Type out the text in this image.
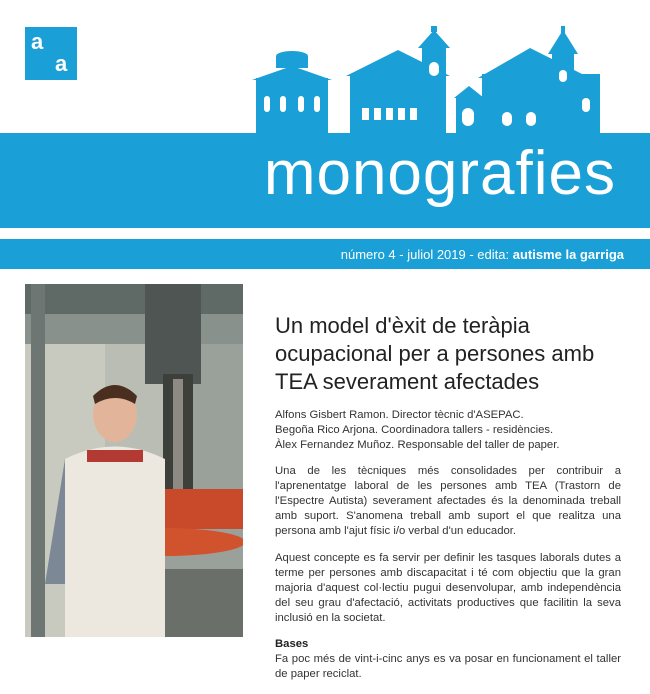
a
a
monografies
número 4 - juliol 2019 - edita: autisme la garriga
Un model d'èxit de teràpia ocupacional per a persones amb TEA severament afectades
Alfons Gisbert Ramon. Director tècnic d'ASEPAC.
Begoña Rico Arjona. Coordinadora tallers - residències.
Àlex Fernandez Muñoz. Responsable del taller de paper.

Una de les tècniques més consolidades per contribuir a l'aprenentatge laboral de les persones amb TEA (Trastorn de l'Espectre Autista) severament afectades és la denominada treball amb suport. S'anomena treball amb suport el que realitza una persona amb l'ajut físic i/o verbal d'un educador.

Aquest concepte es fa servir per definir les tasques laborals dutes a terme per persones amb discapacitat i té com objectiu que la gran majoria d'aquest col·lectiu pugui desenvolupar, amb independència del seu grau d'afectació, activitats productives que facilitin la seva inclusió en la societat.

Bases

Fa poc més de vint-i-cinc anys es va posar en funcionament el taller de paper reciclat.
